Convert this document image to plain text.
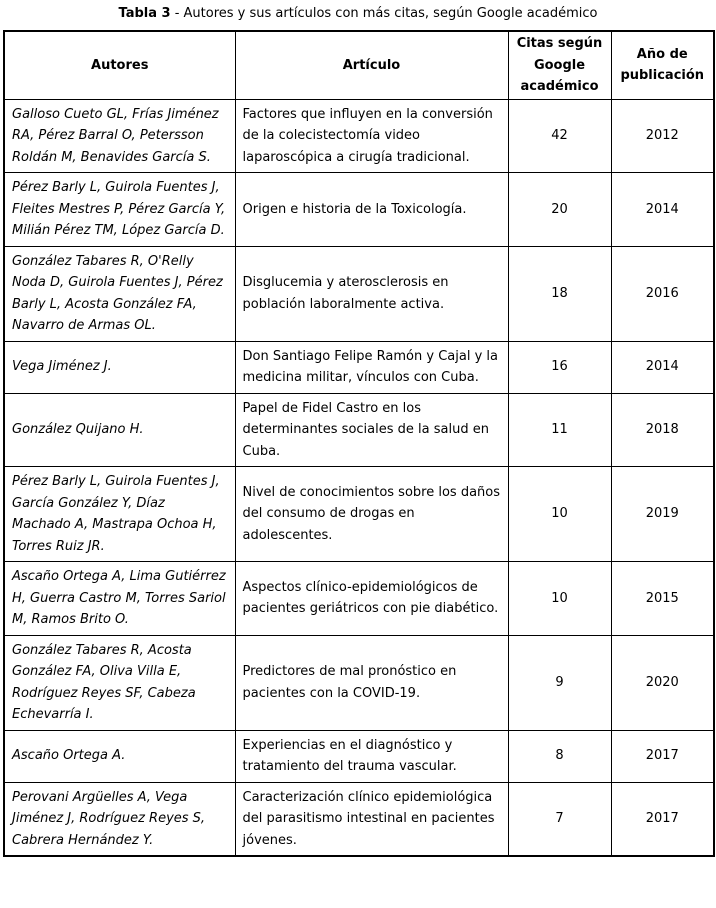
Tabla 3 - Autores y sus artículos con más citas, según Google académico
Autores	Artículo	Citas según Google académico	Año de publicación
Galloso Cueto GL, Frías Jiménez RA, Pérez Barral O, Petersson Roldán M, Benavides García S.	Factores que influyen en la conversión de la colecistectomía video laparoscópica a cirugía tradicional.	42	2012
Pérez Barly L, Guirola Fuentes J, Fleites Mestres P, Pérez García Y, Milián Pérez TM, López García D.	Origen e historia de la Toxicología.	20	2014
González Tabares R, O'Relly Noda D, Guirola Fuentes J, Pérez Barly L, Acosta González FA, Navarro de Armas OL.	Disglucemia y aterosclerosis en población laboralmente activa.	18	2016
Vega Jiménez J.	Don Santiago Felipe Ramón y Cajal y la medicina militar, vínculos con Cuba.	16	2014
González Quijano H.	Papel de Fidel Castro en los determinantes sociales de la salud en Cuba.	11	2018
Pérez Barly L, Guirola Fuentes J, García González Y, Díaz Machado A, Mastrapa Ochoa H, Torres Ruiz JR.	Nivel de conocimientos sobre los daños del consumo de drogas en adolescentes.	10	2019
Ascaño Ortega A, Lima Gutiérrez H, Guerra Castro M, Torres Sariol M, Ramos Brito O.	Aspectos clínico-epidemiológicos de pacientes geriátricos con pie diabético.	10	2015
González Tabares R, Acosta González FA, Oliva Villa E, Rodríguez Reyes SF, Cabeza Echevarría I.	Predictores de mal pronóstico en pacientes con la COVID-19.	9	2020
Ascaño Ortega A.	Experiencias en el diagnóstico y tratamiento del trauma vascular.	8	2017
Perovani Argüelles A, Vega Jiménez J, Rodríguez Reyes S, Cabrera Hernández Y.	Caracterización clínico epidemiológica del parasitismo intestinal en pacientes jóvenes.	7	2017
